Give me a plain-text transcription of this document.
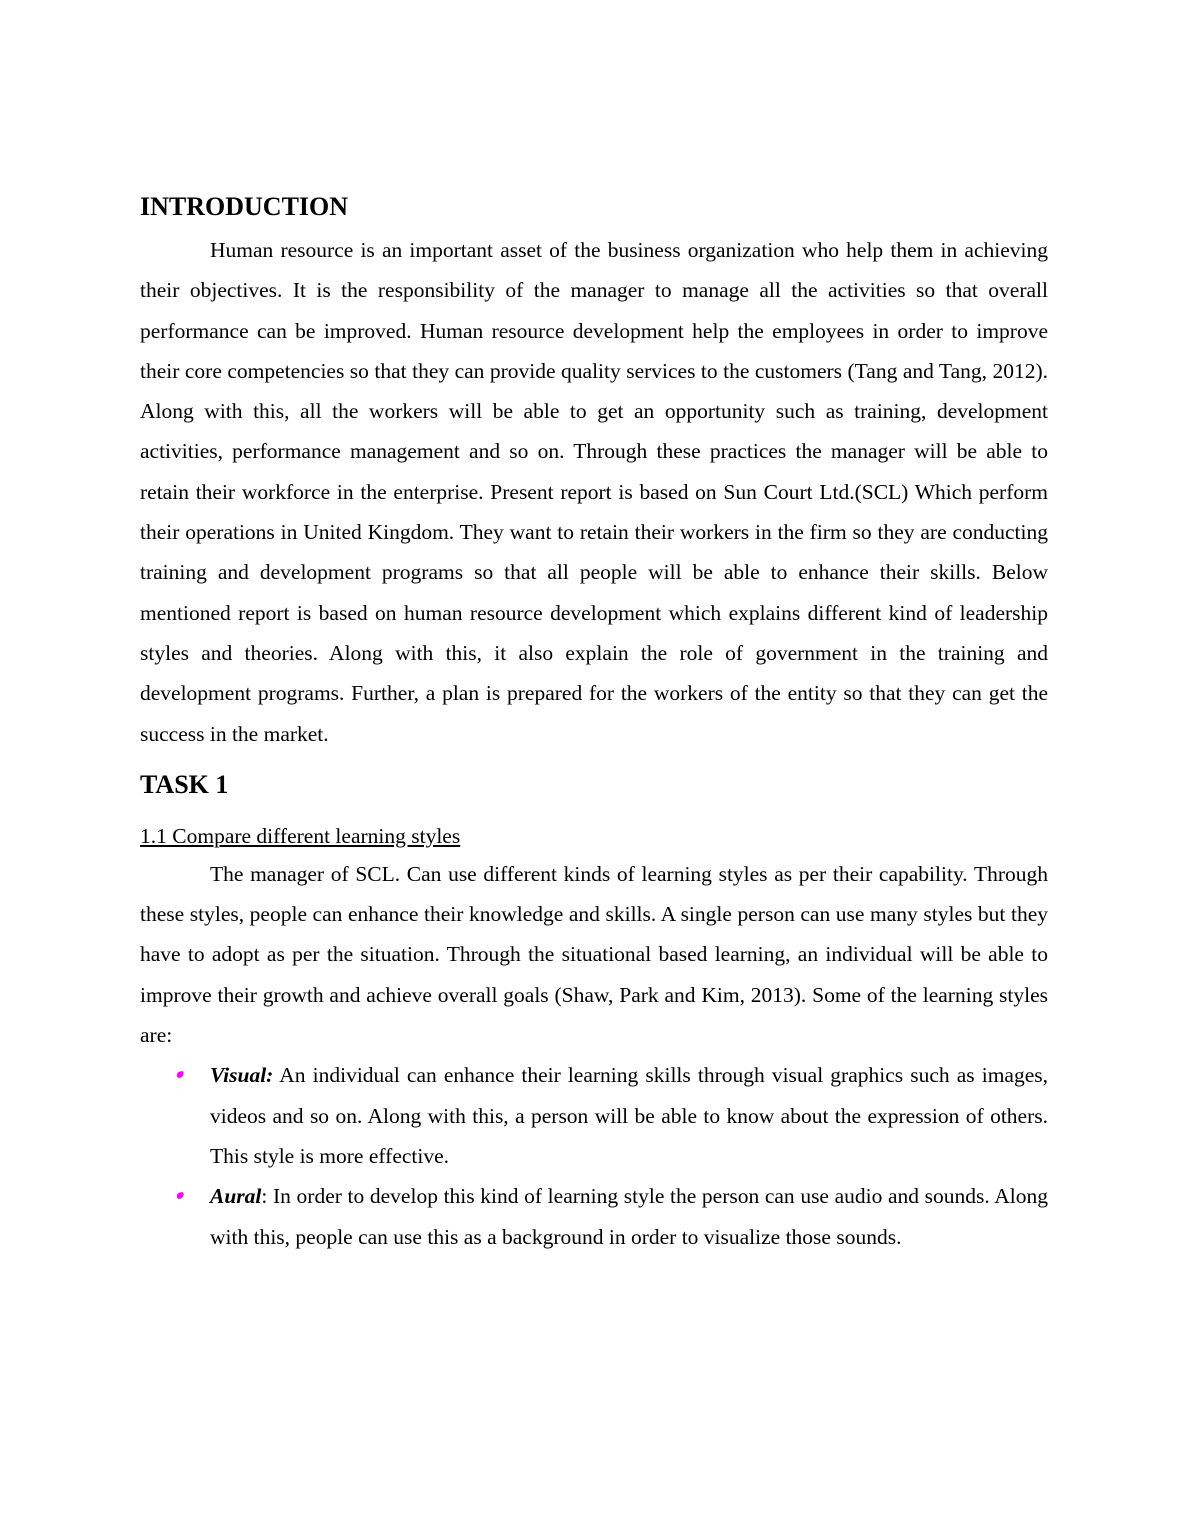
INTRODUCTION

Human resource is an important asset of the business organization who help them in achieving their objectives. It is the responsibility of the manager to manage all the activities so that overall performance can be improved. Human resource development help the employees in order to improve their core competencies so that they can provide quality services to the customers (Tang and Tang, 2012). Along with this, all the workers will be able to get an opportunity such as training, development activities, performance management and so on. Through these practices the manager will be able to retain their workforce in the enterprise. Present report is based on Sun Court Ltd.(SCL) Which perform their operations in United Kingdom. They want to retain their workers in the firm so they are conducting training and development programs so that all people will be able to enhance their skills. Below mentioned report is based on human resource development which explains different kind of leadership styles and theories. Along with this, it also explain the role of government in the training and development programs. Further, a plan is prepared for the workers of the entity so that they can get the success in the market.

TASK 1
1.1 Compare different learning styles

The manager of SCL. Can use different kinds of learning styles as per their capability. Through these styles, people can enhance their knowledge and skills. A single person can use many styles but they have to adopt as per the situation. Through the situational based learning, an individual will be able to improve their growth and achieve overall goals (Shaw, Park and Kim, 2013). Some of the learning styles are:

Visual: An individual can enhance their learning skills through visual graphics such as images, videos and so on. Along with this, a person will be able to know about the expression of others. This style is more effective.
Aural: In order to develop this kind of learning style the person can use audio and sounds. Along with this, people can use this as a background in order to visualize those sounds.
